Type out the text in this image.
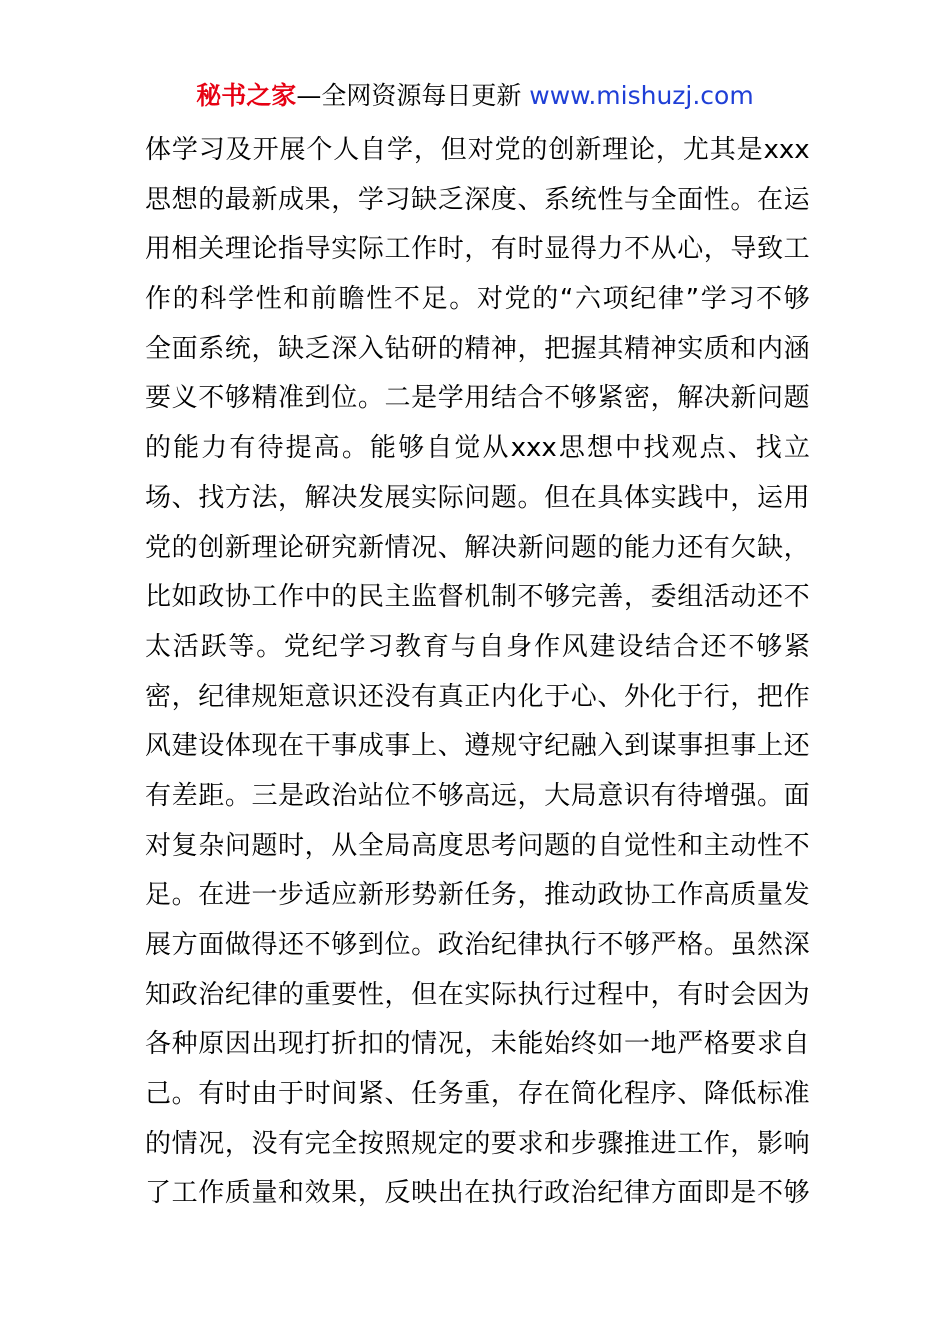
秘书之家—全网资源每日更新 www.mishuzj.com
体 学 习 及 开 展 个 人 自 学 ， 但 对 党 的 创 新 理 论 ， 尤 其 是 xxx
思 想 的 最 新 成 果 ， 学 习 缺 乏 深 度 、 系 统 性 与 全 面 性 。 在 运
用 相 关 理 论 指 导 实 际 工 作 时 ， 有 时 显 得 力 不 从 心 ， 导 致 工
作 的 科 学 性 和 前 瞻 性 不 足 。 对 党 的 “ 六 项 纪 律 ” 学 习 不 够
全 面 系 统 ， 缺 乏 深 入 钻 研 的 精 神 ， 把 握 其 精 神 实 质 和 内 涵
要 义 不 够 精 准 到 位 。 二 是 学 用 结 合 不 够 紧 密 ， 解 决 新 问 题
的 能 力 有 待 提 高 。 能 够 自 觉 从 xxx 思 想 中 找 观 点 、 找 立
场 、 找 方 法 ， 解 决 发 展 实 际 问 题 。 但 在 具 体 实 践 中 ， 运 用
党 的 创 新 理 论 研 究 新 情 况 、 解 决 新 问 题 的 能 力 还 有 欠 缺 ，
比 如 政 协 工 作 中 的 民 主 监 督 机 制 不 够 完 善 ， 委 组 活 动 还 不
太 活 跃 等 。 党 纪 学 习 教 育 与 自 身 作 风 建 设 结 合 还 不 够 紧
密 ， 纪 律 规 矩 意 识 还 没 有 真 正 内 化 于 心 、 外 化 于 行 ， 把 作
风 建 设 体 现 在 干 事 成 事 上 、 遵 规 守 纪 融 入 到 谋 事 担 事 上 还
有 差 距 。 三 是 政 治 站 位 不 够 高 远 ， 大 局 意 识 有 待 增 强 。 面
对 复 杂 问 题 时 ， 从 全 局 高 度 思 考 问 题 的 自 觉 性 和 主 动 性 不
足 。 在 进 一 步 适 应 新 形 势 新 任 务 ， 推 动 政 协 工 作 高 质 量 发
展 方 面 做 得 还 不 够 到 位 。 政 治 纪 律 执 行 不 够 严 格 。 虽 然 深
知 政 治 纪 律 的 重 要 性 ， 但 在 实 际 执 行 过 程 中 ， 有 时 会 因 为
各 种 原 因 出 现 打 折 扣 的 情 况 ， 未 能 始 终 如 一 地 严 格 要 求 自
己 。 有 时 由 于 时 间 紧 、 任 务 重 ， 存 在 简 化 程 序 、 降 低 标 准
的 情 况 ， 没 有 完 全 按 照 规 定 的 要 求 和 步 骤 推 进 工 作 ， 影 响
了 工 作 质 量 和 效 果 ， 反 映 出 在 执 行 政 治 纪 律 方 面 即 是 不 够
